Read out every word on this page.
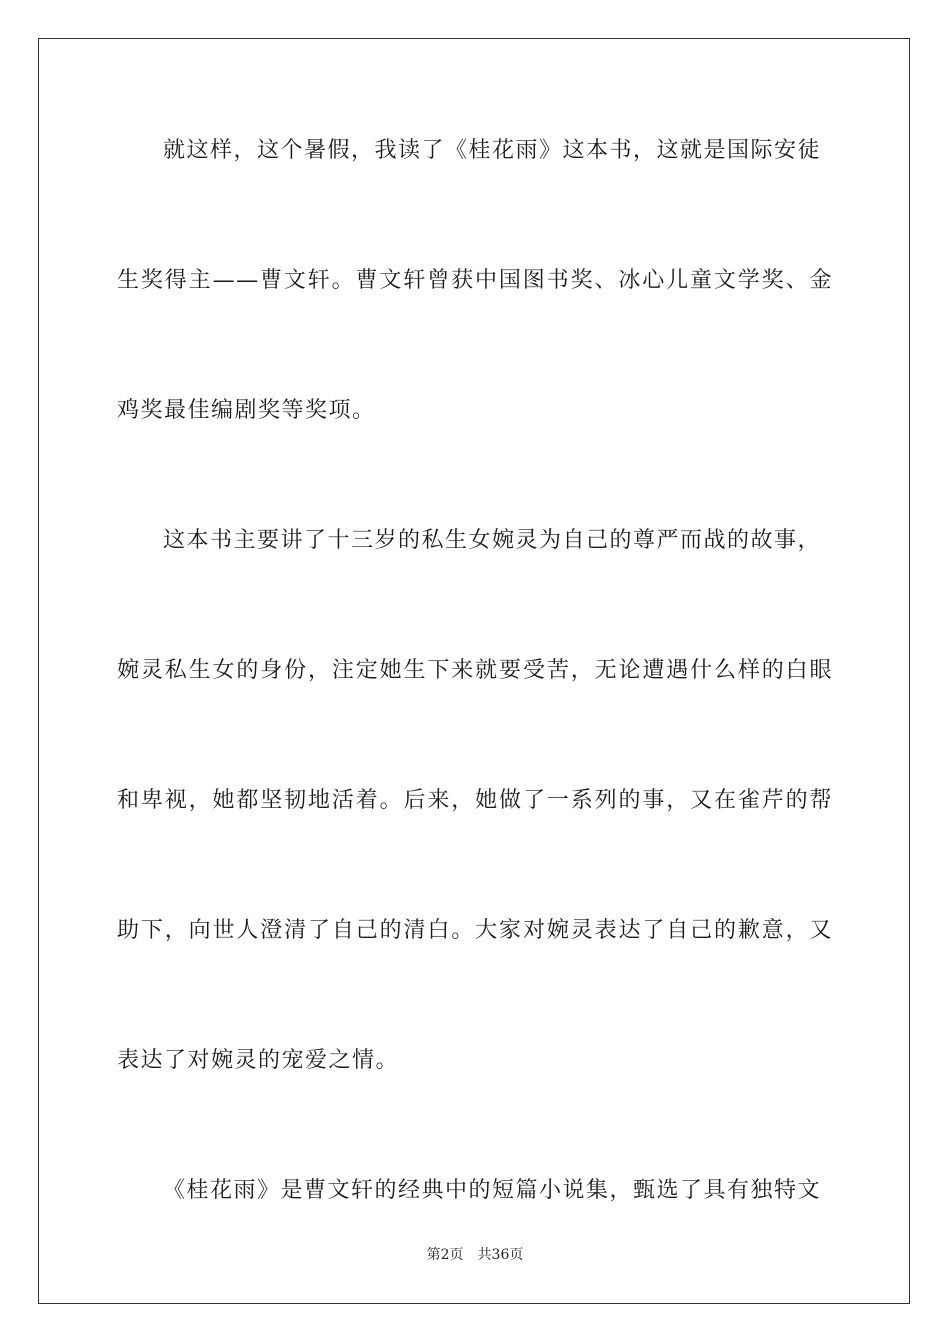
就这样，这个暑假，我读了《桂花雨》这本书，这就是国际安徒
生奖得主——曹文轩。曹文轩曾获中国图书奖、冰心儿童文学奖、金
鸡奖最佳编剧奖等奖项。
这本书主要讲了十三岁的私生女婉灵为自己的尊严而战的故事，
婉灵私生女的身份，注定她生下来就要受苦，无论遭遇什么样的白眼
和卑视，她都坚韧地活着。后来，她做了一系列的事，又在雀芹的帮
助下，向世人澄清了自己的清白。大家对婉灵表达了自己的歉意，又
表达了对婉灵的宠爱之情。
《桂花雨》是曹文轩的经典中的短篇小说集，甄选了具有独特文
第2页 共36页
